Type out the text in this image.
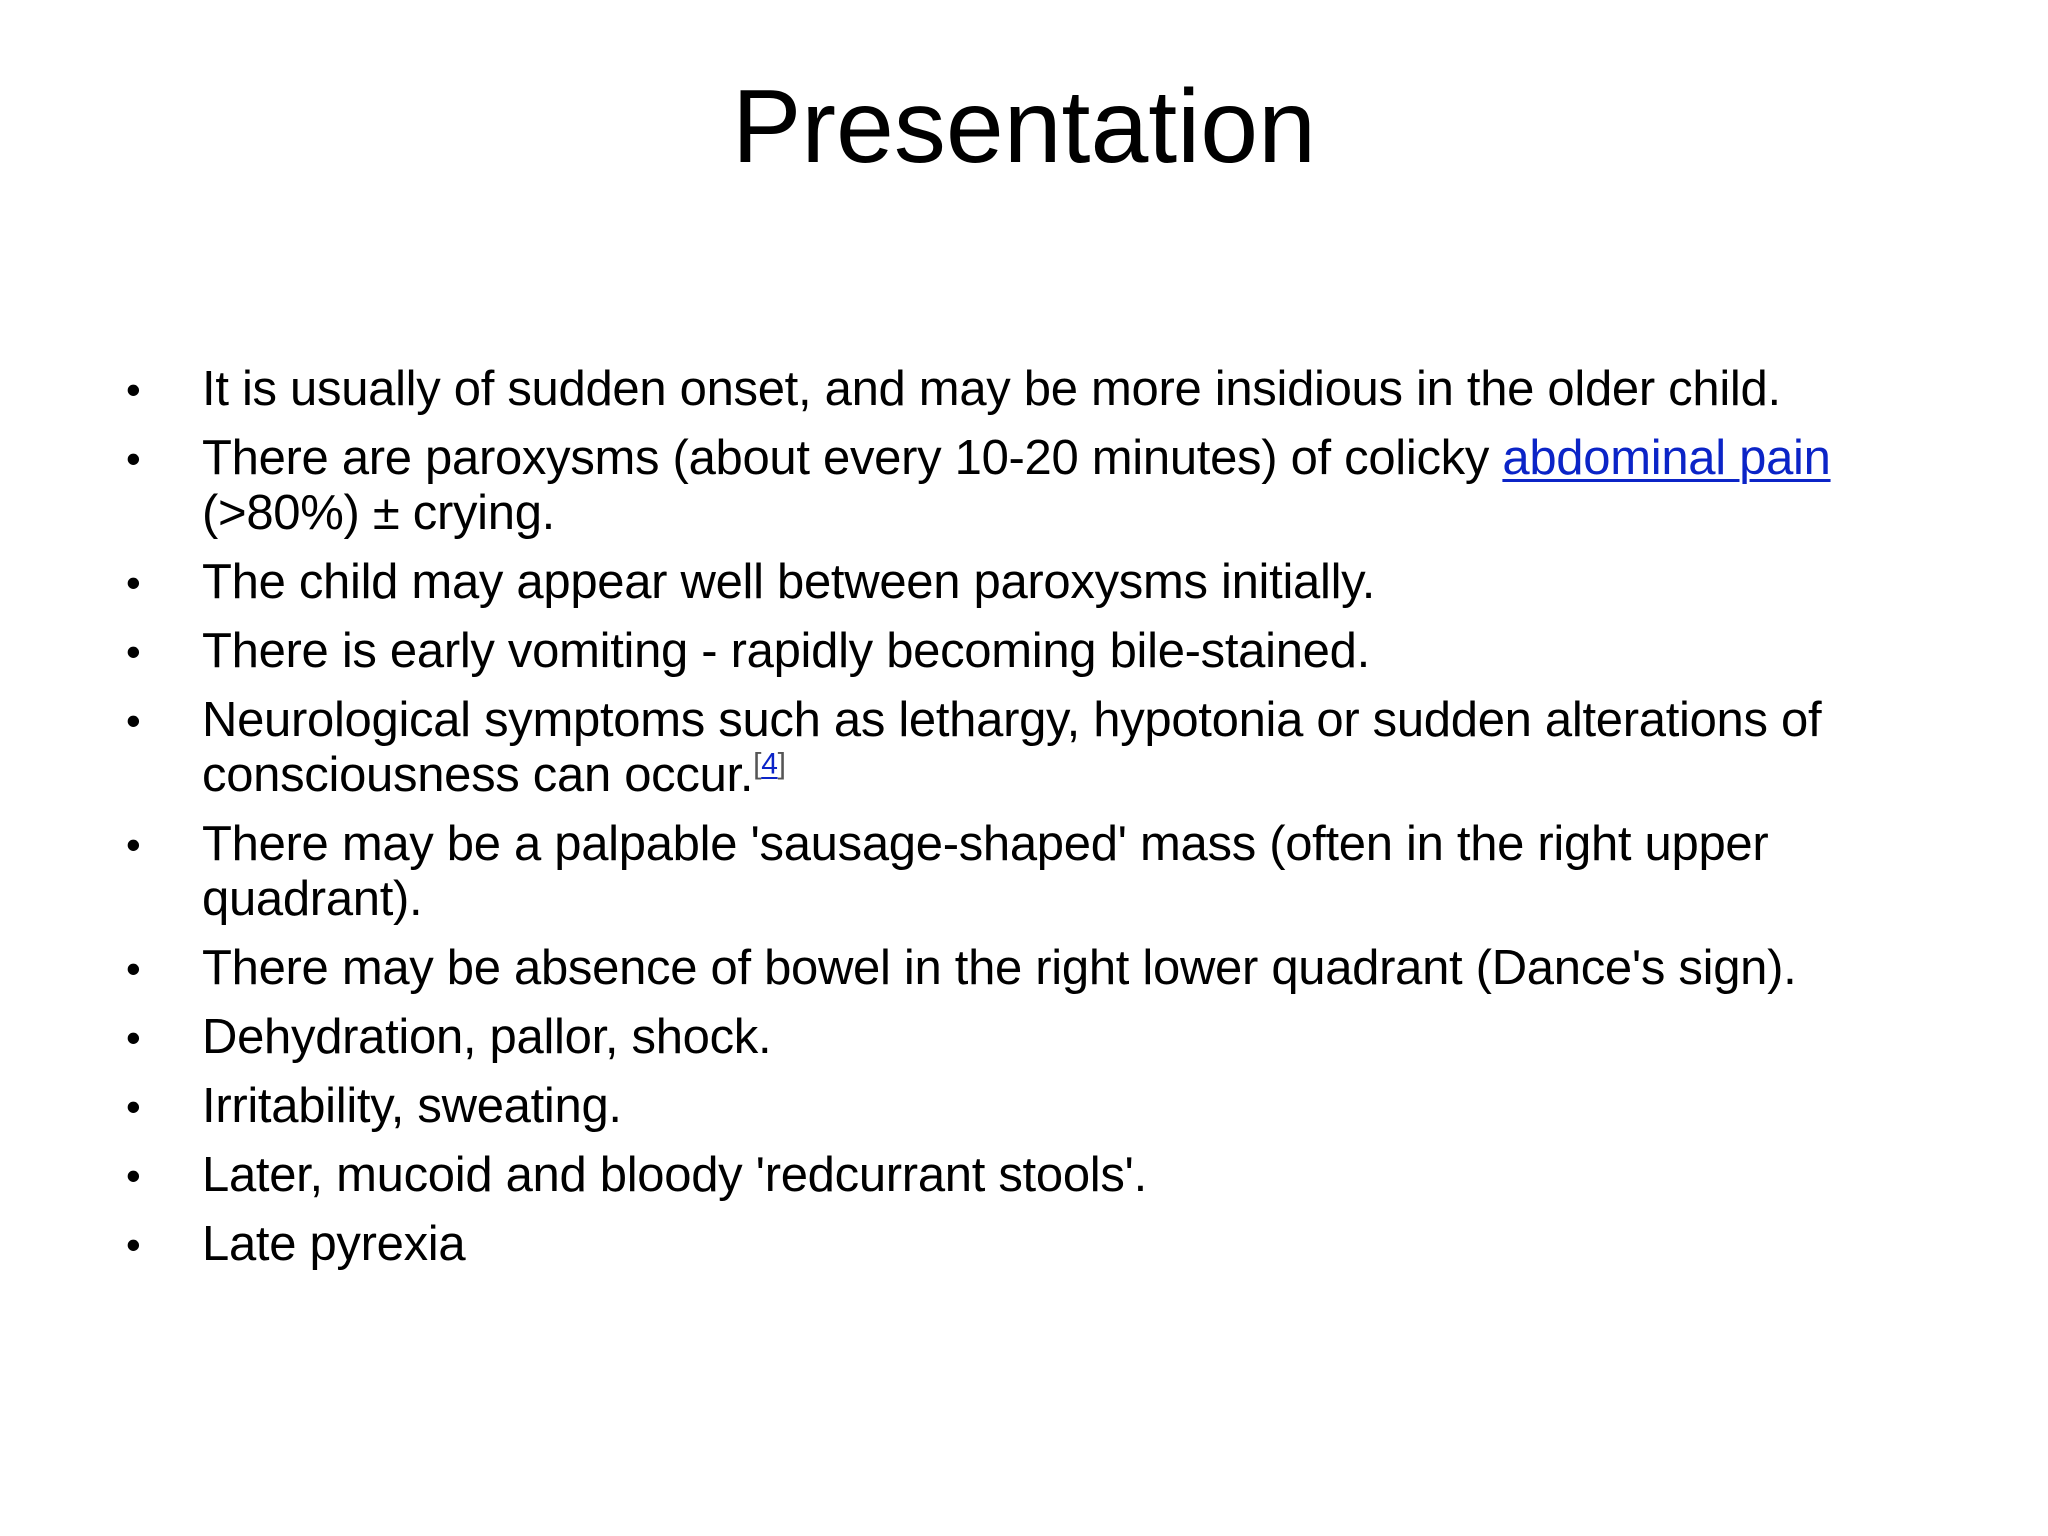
Presentation
• It is usually of sudden onset, and may be more insidious in the older child.
• There are paroxysms (about every 10-20 minutes) of colicky abdominal pain (>80%) ± crying.
• The child may appear well between paroxysms initially.
• There is early vomiting - rapidly becoming bile-stained.
• Neurological symptoms such as lethargy, hypotonia or sudden alterations of consciousness can occur.[4]
• There may be a palpable 'sausage-shaped' mass (often in the right upper quadrant).
• There may be absence of bowel in the right lower quadrant (Dance's sign).
• Dehydration, pallor, shock.
• Irritability, sweating.
• Later, mucoid and bloody 'redcurrant stools'.
• Late pyrexia
